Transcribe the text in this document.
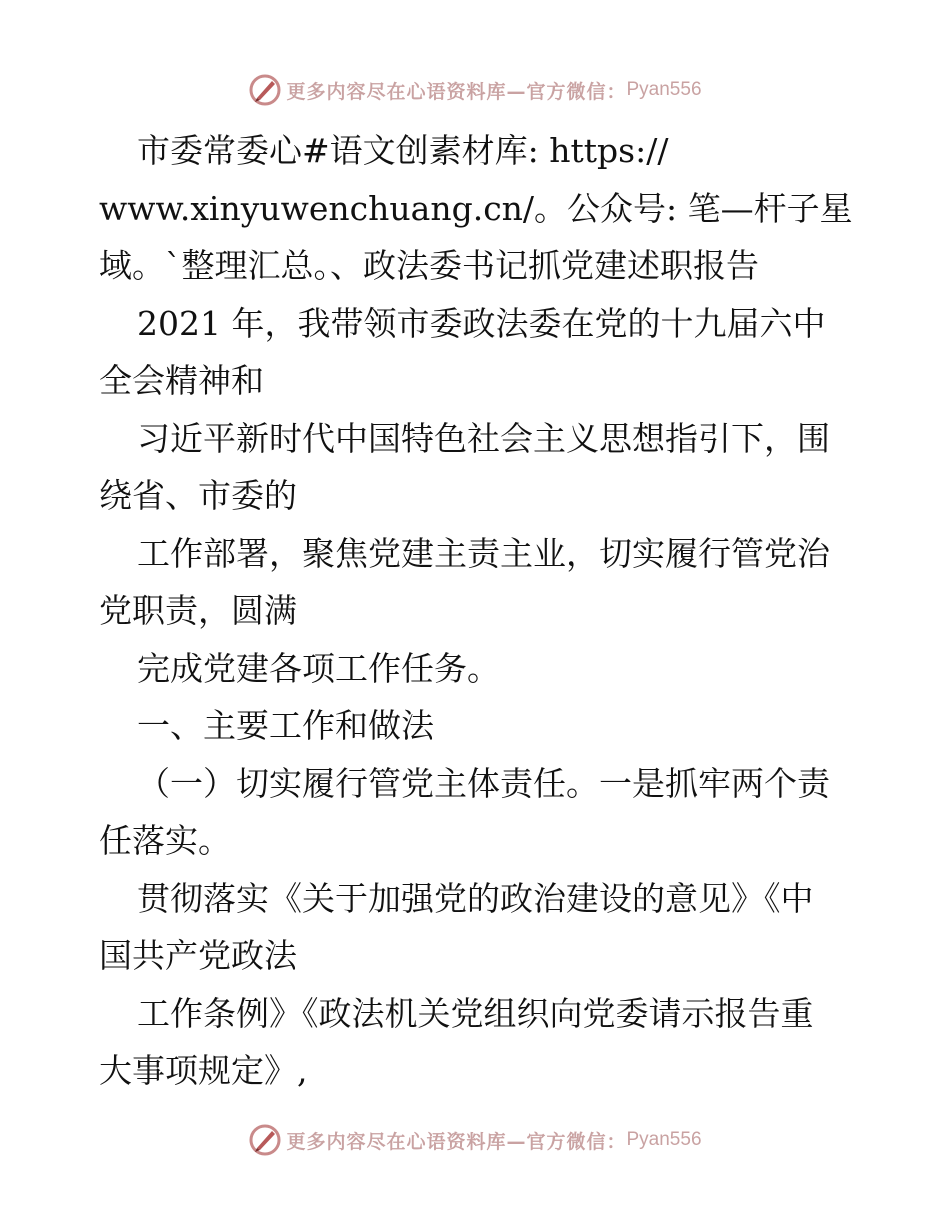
更多内容尽在心语资料库—官方微信： Pyan556
市委常委心#语文创素材库: https://
www.xinyuwenchuang.cn/。公众号: 笔—杆子星
域。`整理汇总。、政法委书记抓党建述职报告
2021 年，我带领市委政法委在党的十九届六中
全会精神和
习近平新时代中国特色社会主义思想指引下，围
绕省、市委的
工作部署，聚焦党建主责主业，切实履行管党治
党职责，圆满
完成党建各项工作任务。
一、主要工作和做法
（一）切实履行管党主体责任。一是抓牢两个责
任落实。
贯彻落实《关于加强党的政治建设的意见》《中
国共产党政法
工作条例》《政法机关党组织向党委请示报告重
大事项规定》,
更多内容尽在心语资料库—官方微信： Pyan556
